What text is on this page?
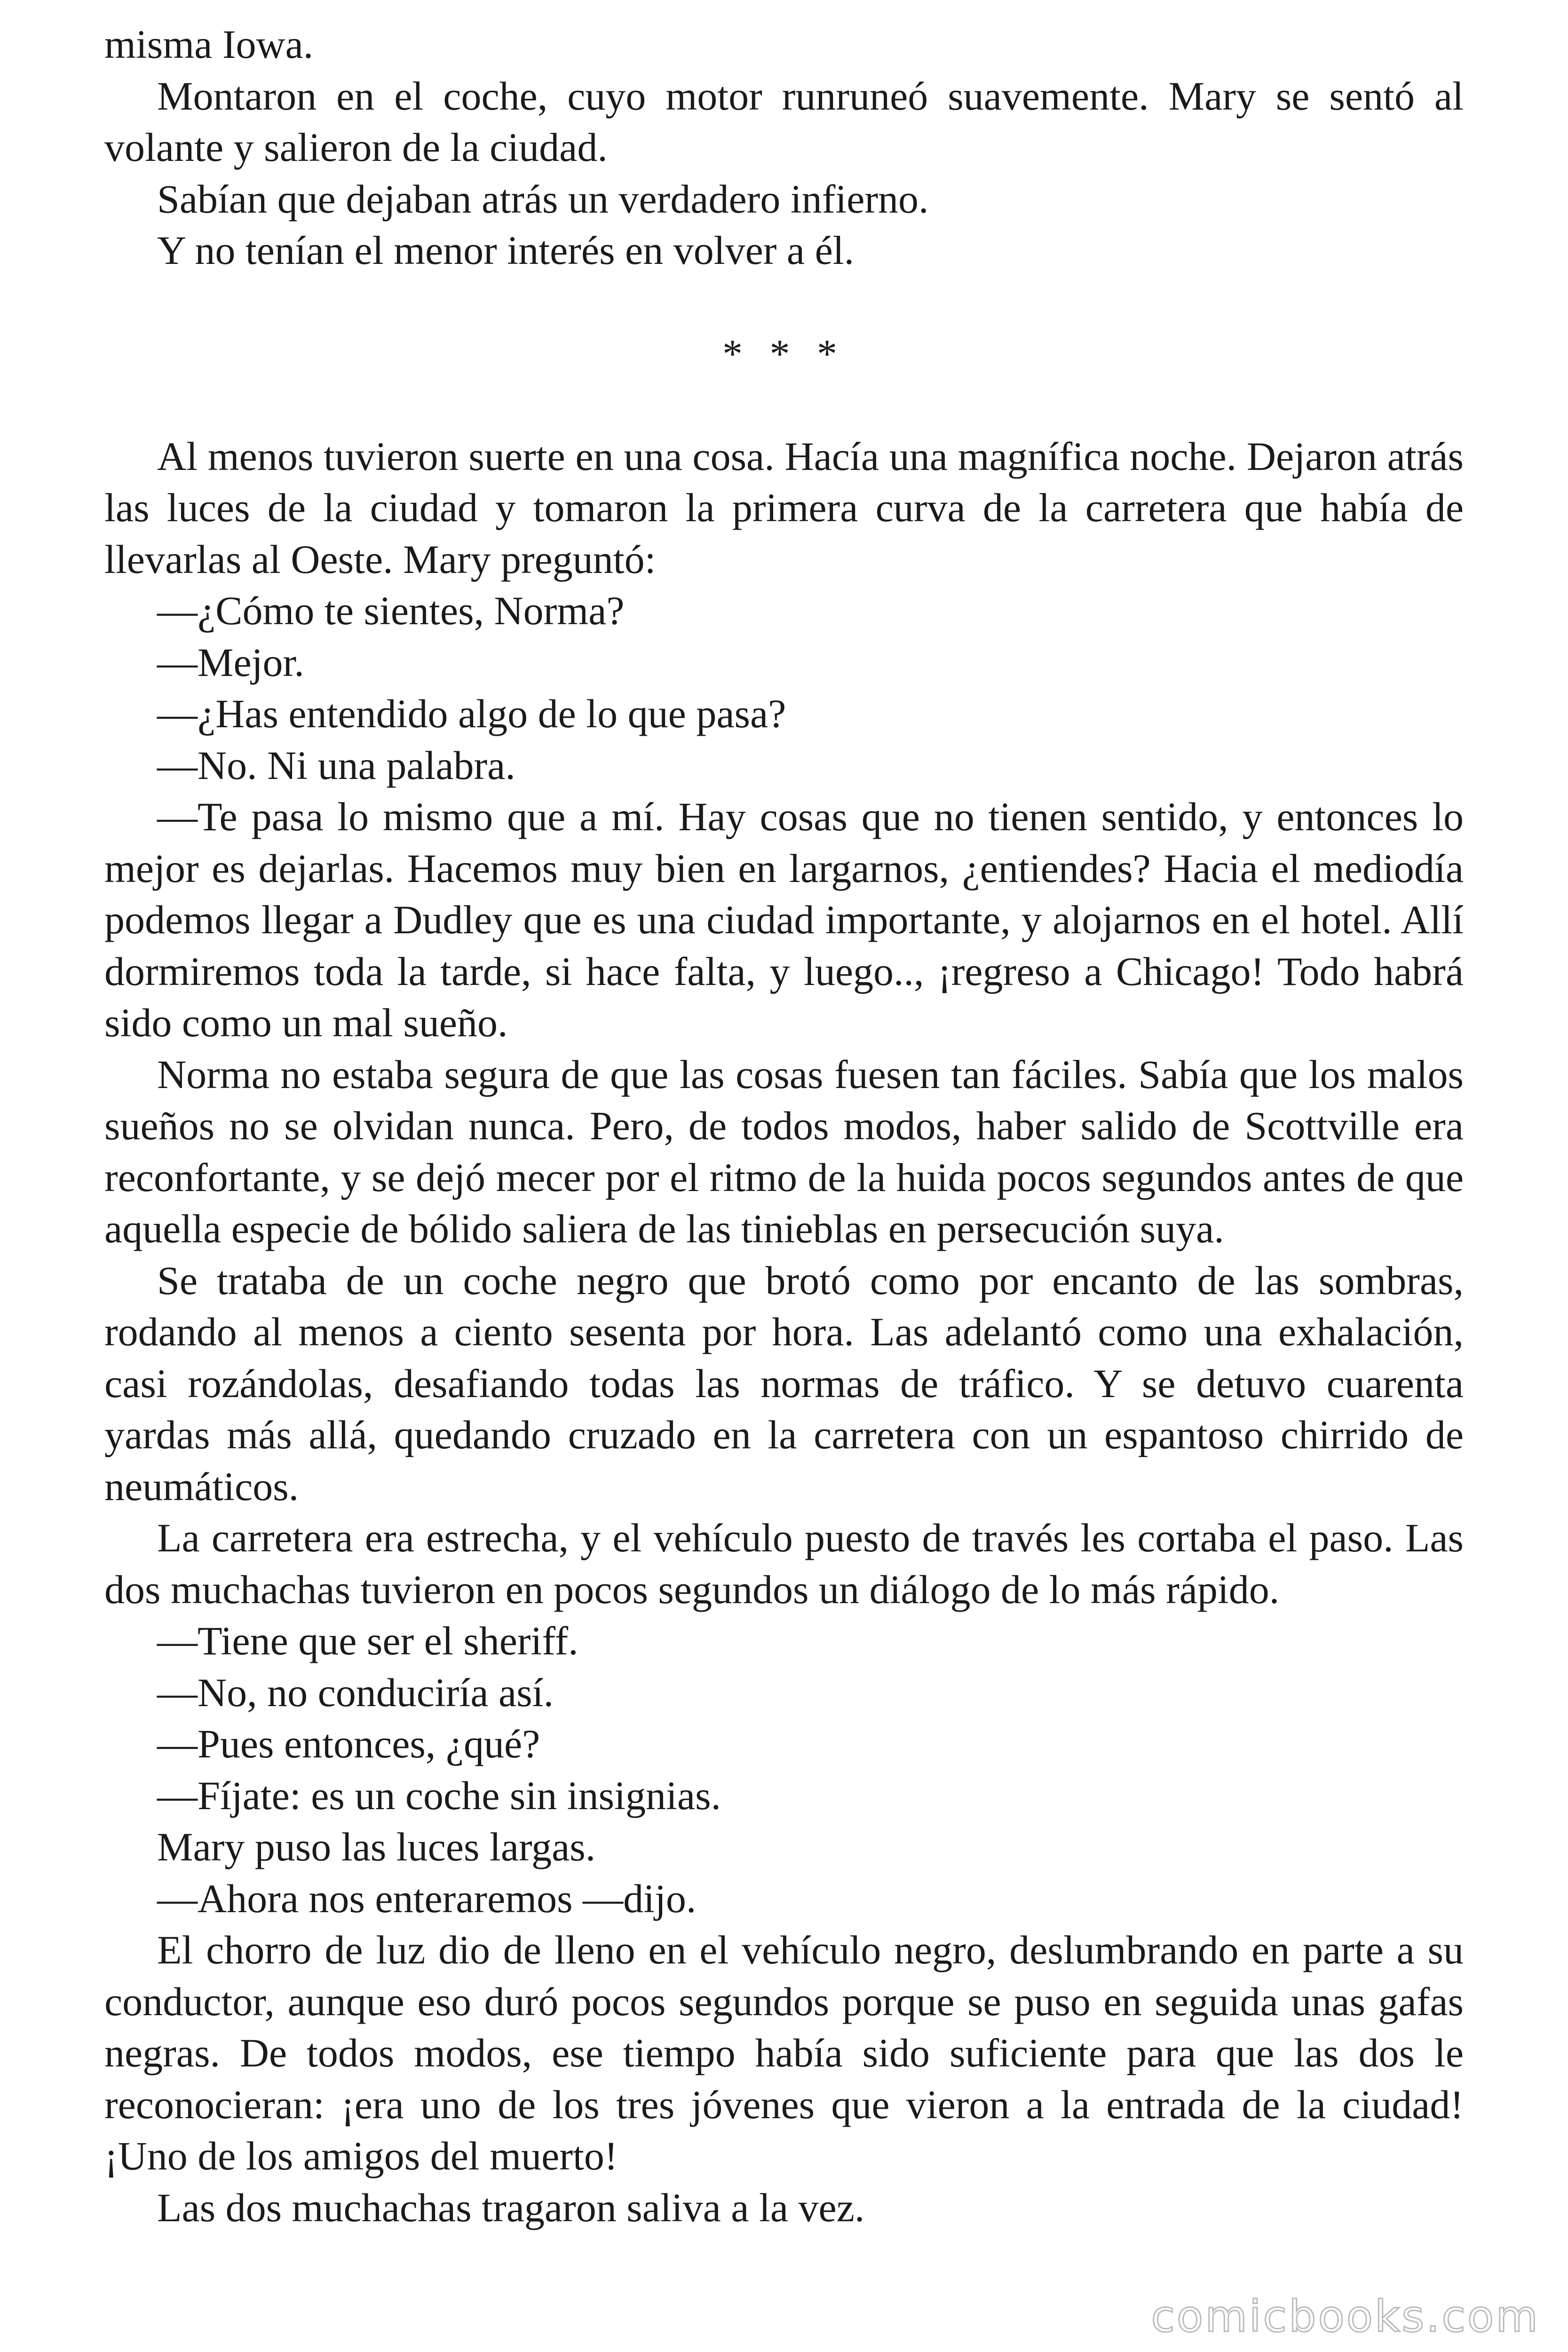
misma Iowa.

Montaron en el coche, cuyo motor runruneó suavemente. Mary se sentó al volante y salieron de la ciudad.

Sabían que dejaban atrás un verdadero infierno.

Y no tenían el menor interés en volver a él.

* * *

Al menos tuvieron suerte en una cosa. Hacía una magnífica noche. Dejaron atrás las luces de la ciudad y tomaron la primera curva de la carretera que había de llevarlas al Oeste. Mary preguntó:

—¿Cómo te sientes, Norma?

—Mejor.

—¿Has entendido algo de lo que pasa?

—No. Ni una palabra.

—Te pasa lo mismo que a mí. Hay cosas que no tienen sentido, y entonces lo mejor es dejarlas. Hacemos muy bien en largarnos, ¿entiendes? Hacia el mediodía podemos llegar a Dudley que es una ciudad importante, y alojarnos en el hotel. Allí dormiremos toda la tarde, si hace falta, y luego.., ¡regreso a Chicago! Todo habrá sido como un mal sueño.

Norma no estaba segura de que las cosas fuesen tan fáciles. Sabía que los malos sueños no se olvidan nunca. Pero, de todos modos, haber salido de Scottville era reconfortante, y se dejó mecer por el ritmo de la huida pocos segundos antes de que aquella especie de bólido saliera de las tinieblas en persecución suya.

Se trataba de un coche negro que brotó como por encanto de las sombras, rodando al menos a ciento sesenta por hora. Las adelantó como una exhalación, casi rozándolas, desafiando todas las normas de tráfico. Y se detuvo cuarenta yardas más allá, quedando cruzado en la carretera con un espantoso chirrido de neumáticos.

La carretera era estrecha, y el vehículo puesto de través les cortaba el paso. Las dos muchachas tuvieron en pocos segundos un diálogo de lo más rápido.

—Tiene que ser el sheriff.

—No, no conduciría así.

—Pues entonces, ¿qué?

—Fíjate: es un coche sin insignias.

Mary puso las luces largas.

—Ahora nos enteraremos —dijo.

El chorro de luz dio de lleno en el vehículo negro, deslumbrando en parte a su conductor, aunque eso duró pocos segundos porque se puso en seguida unas gafas negras. De todos modos, ese tiempo había sido suficiente para que las dos le reconocieran: ¡era uno de los tres jóvenes que vieron a la entrada de la ciudad! ¡Uno de los amigos del muerto!

Las dos muchachas tragaron saliva a la vez.

comicbooks.com
